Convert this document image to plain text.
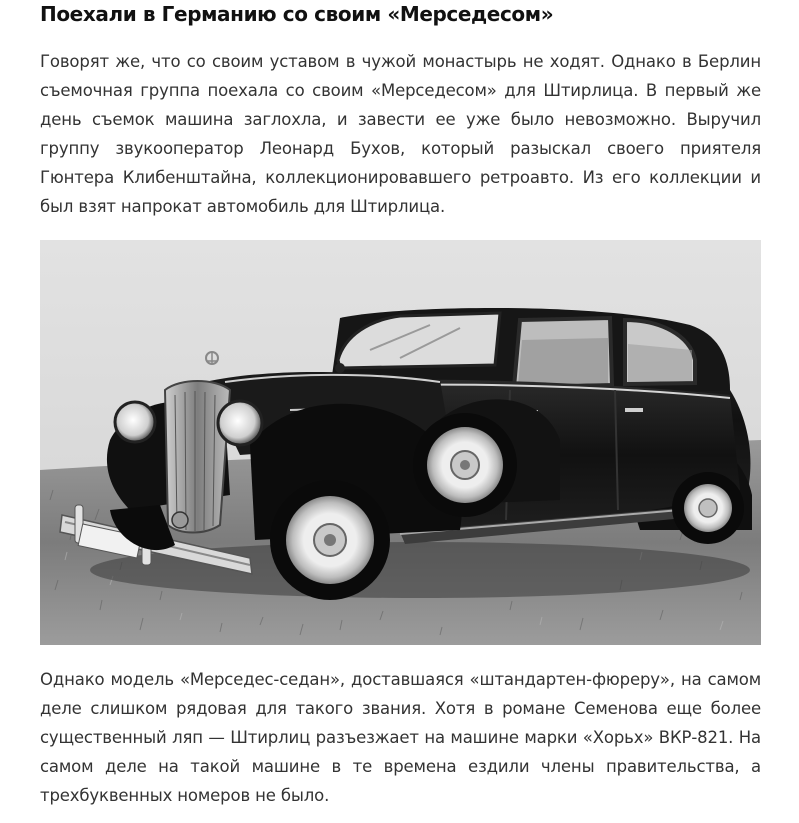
Поехали в Германию со своим «Мерседесом»

Говорят же, что со своим уставом в чужой монастырь не ходят. Однако в Берлин съемочная группа поехала со своим «Мерседесом» для Штирлица. В первый же день съемок машина заглохла, и завести ее уже было невозможно. Выручил группу звукооператор Леонард Бухов, который разыскал своего приятеля Гюнтера Клибенштайна, коллекционировавшего ретроавто. Из его коллекции и был взят напрокат автомобиль для Штирлица.

Однако модель «Мерседес-седан», доставшаяся «штандартен-фюреру», на самом деле слишком рядовая для такого звания. Хотя в романе Семенова еще более существенный ляп — Штирлиц разъезжает на машине марки «Хорьх» ВКР-821. На самом деле на такой машине в те времена ездили члены правительства, а трехбуквенных номеров не было.
